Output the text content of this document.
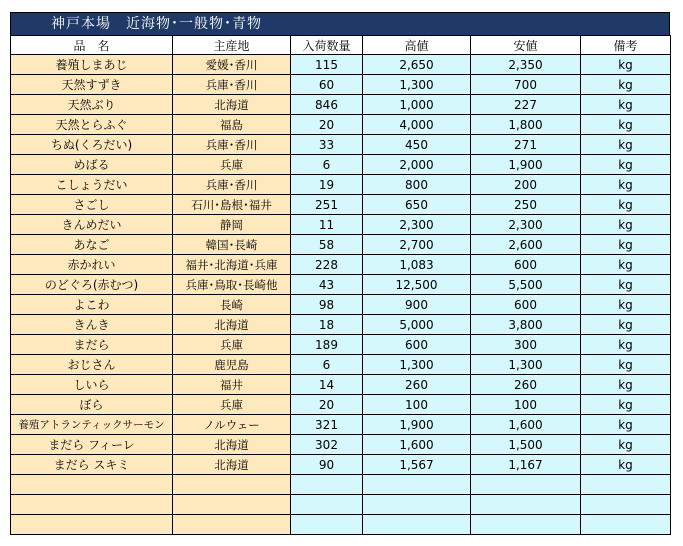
神戸本場　近海物･一般物･青物
品　名	主産地	入荷数量	高値	安値	備考
養殖しまあじ	愛媛･香川	115	2,650	2,350	kg
天然すずき	兵庫･香川	60	1,300	700	kg
天然ぶり	北海道	846	1,000	227	kg
天然とらふぐ	福島	20	4,000	1,800	kg
ちぬ(くろだい)	兵庫･香川	33	450	271	kg
めばる	兵庫	6	2,000	1,900	kg
こしょうだい	兵庫･香川	19	800	200	kg
さごし	石川･島根･福井	251	650	250	kg
きんめだい	静岡	11	2,300	2,300	kg
あなご	韓国･長崎	58	2,700	2,600	kg
赤かれい	福井･北海道･兵庫	228	1,083	600	kg
のどぐろ(赤むつ)	兵庫･鳥取･長崎他	43	12,500	5,500	kg
よこわ	長崎	98	900	600	kg
きんき	北海道	18	5,000	3,800	kg
まだら	兵庫	189	600	300	kg
おじさん	鹿児島	6	1,300	1,300	kg
しいら	福井	14	260	260	kg
ぼら	兵庫	20	100	100	kg
養殖アトランティックサーモン	ノルウェー	321	1,900	1,600	kg
まだら フィーレ	北海道	302	1,600	1,500	kg
まだら スキミ	北海道	90	1,567	1,167	kg
